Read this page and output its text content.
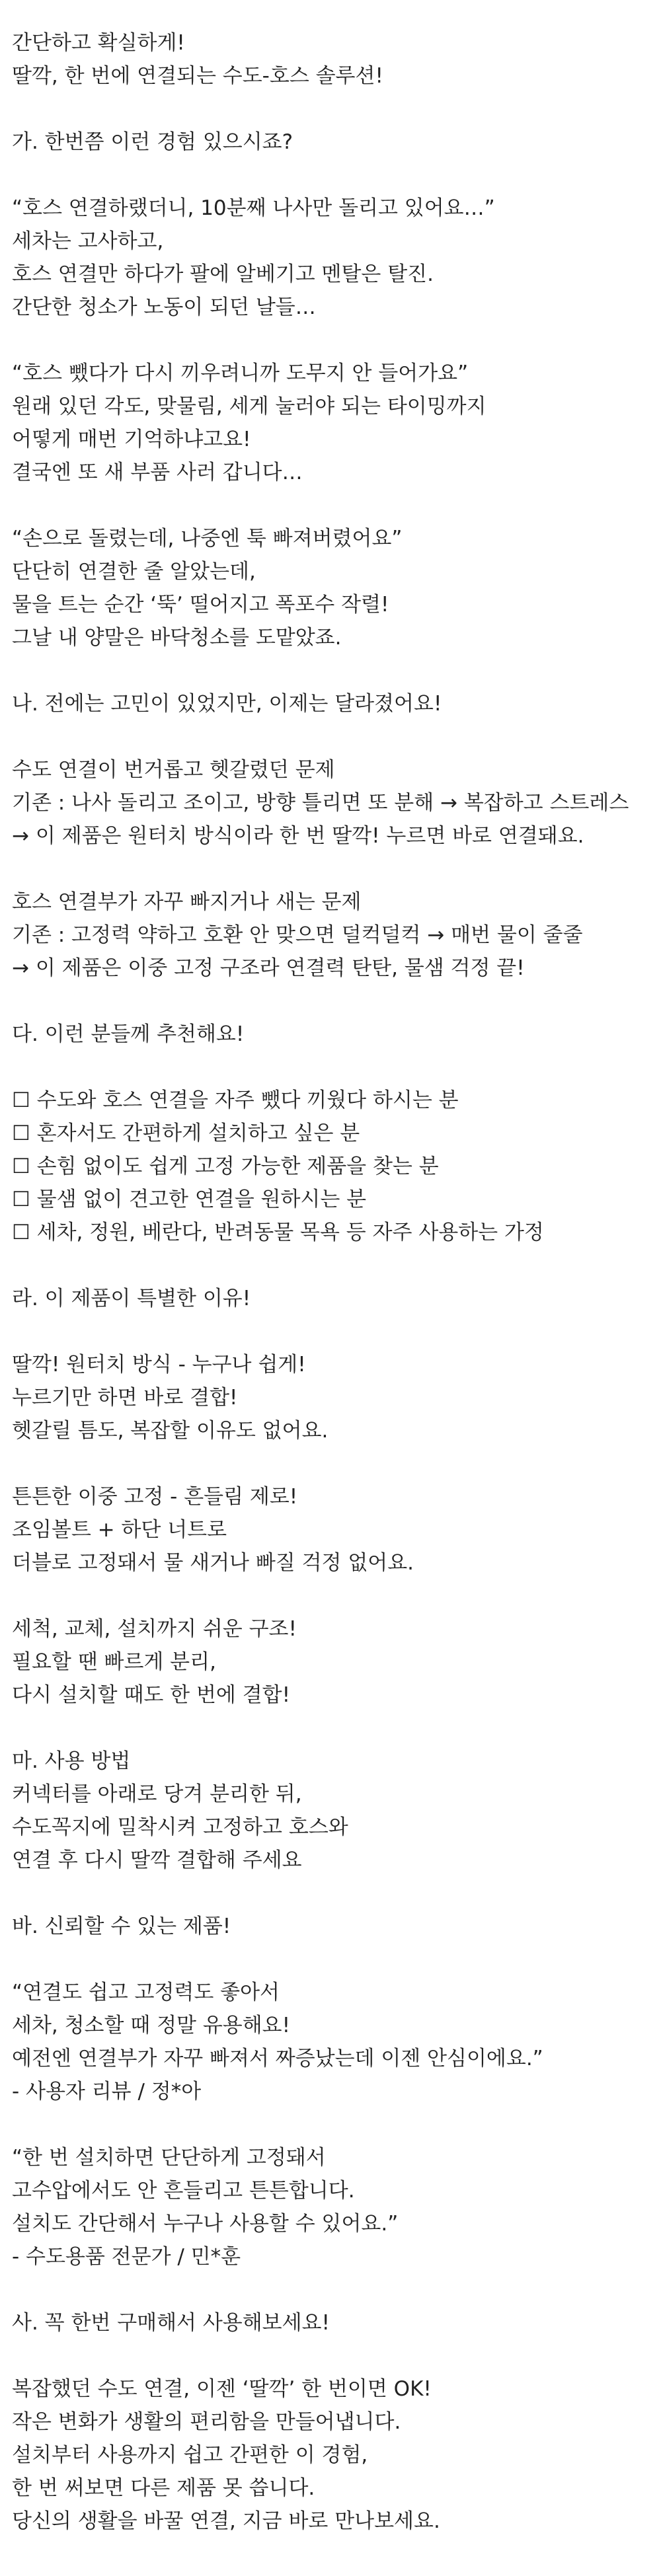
간단하고 확실하게!
딸깍, 한 번에 연결되는 수도-호스 솔루션!
가. 한번쯤 이런 경험 있으시죠?
“호스 연결하랬더니, 10분째 나사만 돌리고 있어요…”
세차는 고사하고,
호스 연결만 하다가 팔에 알베기고 멘탈은 탈진.
간단한 청소가 노동이 되던 날들…
“호스 뺐다가 다시 끼우려니까 도무지 안 들어가요”
원래 있던 각도, 맞물림, 세게 눌러야 되는 타이밍까지
어떻게 매번 기억하냐고요!
결국엔 또 새 부품 사러 갑니다…
“손으로 돌렸는데, 나중엔 툭 빠져버렸어요”
단단히 연결한 줄 알았는데,
물을 트는 순간 ‘뚝’ 떨어지고 폭포수 작렬!
그날 내 양말은 바닥청소를 도맡았죠.
나. 전에는 고민이 있었지만, 이제는 달라졌어요!
수도 연결이 번거롭고 헷갈렸던 문제
기존 : 나사 돌리고 조이고, 방향 틀리면 또 분해 → 복잡하고 스트레스
→ 이 제품은 원터치 방식이라 한 번 딸깍! 누르면 바로 연결돼요.
호스 연결부가 자꾸 빠지거나 새는 문제
기존 : 고정력 약하고 호환 안 맞으면 덜컥덜컥 → 매번 물이 줄줄
→ 이 제품은 이중 고정 구조라 연결력 탄탄, 물샘 걱정 끝!
다. 이런 분들께 추천해요!
☐ 수도와 호스 연결을 자주 뺐다 끼웠다 하시는 분
☐ 혼자서도 간편하게 설치하고 싶은 분
☐ 손힘 없이도 쉽게 고정 가능한 제품을 찾는 분
☐ 물샘 없이 견고한 연결을 원하시는 분
☐ 세차, 정원, 베란다, 반려동물 목욕 등 자주 사용하는 가정
라. 이 제품이 특별한 이유!
딸깍! 원터치 방식 - 누구나 쉽게!
누르기만 하면 바로 결합!
헷갈릴 틈도, 복잡할 이유도 없어요.
튼튼한 이중 고정 - 흔들림 제로!
조임볼트 + 하단 너트로
더블로 고정돼서 물 새거나 빠질 걱정 없어요.
세척, 교체, 설치까지 쉬운 구조!
필요할 땐 빠르게 분리,
다시 설치할 때도 한 번에 결합!
마. 사용 방법
커넥터를 아래로 당겨 분리한 뒤,
수도꼭지에 밀착시켜 고정하고 호스와
연결 후 다시 딸깍 결합해 주세요
바. 신뢰할 수 있는 제품!
“연결도 쉽고 고정력도 좋아서
세차, 청소할 때 정말 유용해요!
예전엔 연결부가 자꾸 빠져서 짜증났는데 이젠 안심이에요.”
- 사용자 리뷰 / 정*아
“한 번 설치하면 단단하게 고정돼서
고수압에서도 안 흔들리고 튼튼합니다.
설치도 간단해서 누구나 사용할 수 있어요.”
- 수도용품 전문가 / 민*훈
사. 꼭 한번 구매해서 사용해보세요!
복잡했던 수도 연결, 이젠 ‘딸깍’ 한 번이면 OK!
작은 변화가 생활의 편리함을 만들어냅니다.
설치부터 사용까지 쉽고 간편한 이 경험,
한 번 써보면 다른 제품 못 씁니다.
당신의 생활을 바꿀 연결, 지금 바로 만나보세요.
